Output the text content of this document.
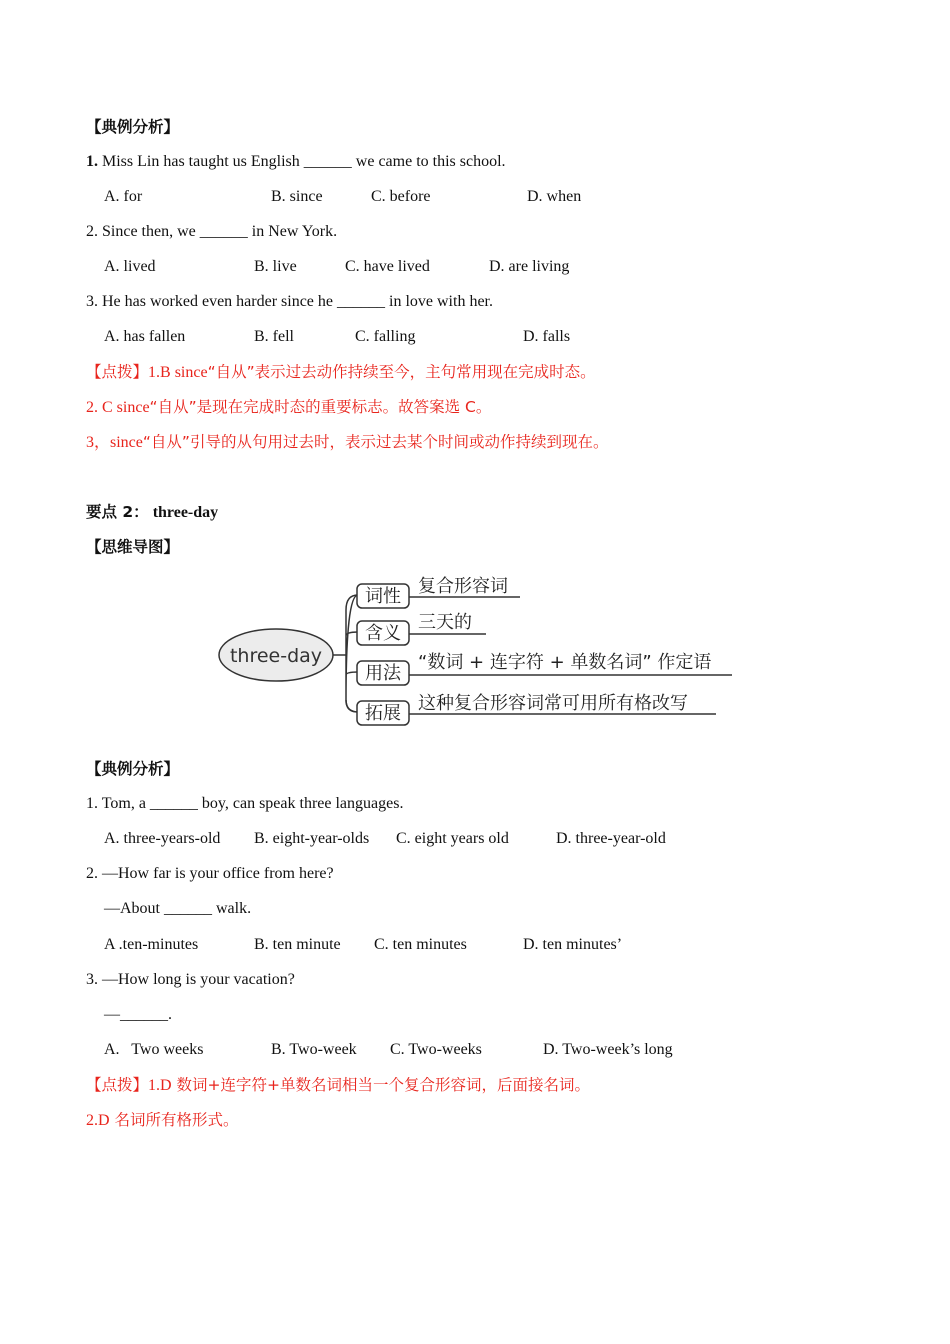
【典例分析】
1. Miss Lin has taught us English ______ we came to this school.
A. for	B. since	C. before	D. when
2. Since then, we ______ in New York.
A. lived	B. live	C. have lived	D. are living
3. He has worked even harder since he ______ in love with her.
A. has fallen	B. fell	C. falling	D. falls
【点拨】1.B since“自从”表示过去动作持续至今，主句常用现在完成时态。
2. C since“自从”是现在完成时态的重要标志。故答案选 C。
3，since“自从”引导的从句用过去时，表示过去某个时间或动作持续到现在。
要点 2： three-day
【思维导图】
three-day
词性 复合形容词
含义
三天的
用法
“数词 + 连字符 + 单数名词” 作定语
拓展 这种复合形容词常可用所有格改写
【典例分析】
1. Tom, a ______ boy, can speak three languages.
A. three-years-old B. eight-year-olds C. eight years old	D. three-year-old
2. —How far is your office from here?
—About ______ walk.
A .ten-minutes	B. ten minute C. ten minutes	D. ten minutes’
3. —How long is your vacation?
—______.
A.   Two weeks	B. Two-week C. Two-weeks	D. Two-week’s long
【点拨】1.D 数词+连字符+单数名词相当一个复合形容词，后面接名词。
2.D 名词所有格形式。
